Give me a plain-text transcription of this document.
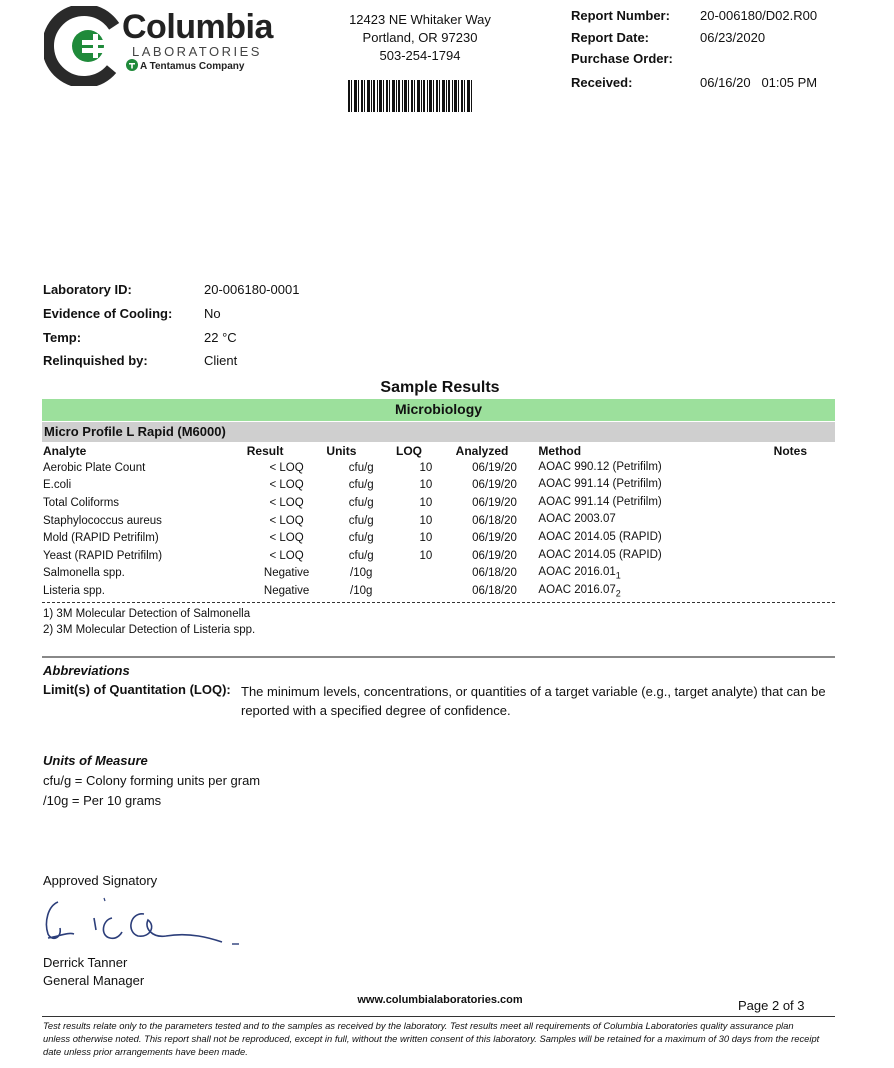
Columbia
LABORATORIES
A Tentamus Company
12423 NE Whitaker Way
Portland, OR 97230
503-254-1794
Report Number: 20-006180/D02.R00
Report Date:	06/23/2020
Purchase Order:
Received:	06/16/20   01:05 PM
Laboratory ID:	20-006180-0001
Evidence of Cooling: No
Temp:	22 °C
Relinquished by:	Client
Sample Results
Microbiology
Micro Profile L Rapid (M6000)
Analyte	Result	Units	LOQ	Analyzed	Method	Notes
Aerobic Plate Count	< LOQ	cfu/g	10	06/19/20	AOAC 990.12 (Petrifilm)	
E.coli	< LOQ	cfu/g	10	06/19/20	AOAC 991.14 (Petrifilm)	
Total Coliforms	< LOQ	cfu/g	10	06/19/20	AOAC 991.14 (Petrifilm)	
Staphylococcus aureus	< LOQ	cfu/g	10	06/18/20	AOAC 2003.07	
Mold (RAPID Petrifilm)	< LOQ	cfu/g	10	06/19/20	AOAC 2014.05 (RAPID)	
Yeast (RAPID Petrifilm)	< LOQ	cfu/g	10	06/19/20	AOAC 2014.05 (RAPID)	
Salmonella spp.	Negative	/10g		06/18/20	AOAC $2016.01_1$	
Listeria spp.	Negative	/10g		06/18/20	AOAC $2016.07_2$	
1) 3M Molecular Detection of Salmonella
2) 3M Molecular Detection of Listeria spp.
Abbreviations
Limit(s) of Quantitation (LOQ): The minimum levels, concentrations, or quantities of a target variable (e.g., target analyte) that can be reported with a specified degree of confidence.
Units of Measure
cfu/g = Colony forming units per gram
/10g = Per 10 grams
Approved Signatory
Derrick Tanner
General Manager
www.columbialaboratories.com	Page 2 of 3
Test results relate only to the parameters tested and to the samples as received by the laboratory. Test results meet all requirements of Columbia Laboratories quality assurance plan unless otherwise noted. This report shall not be reproduced, except in full, without the written consent of this laboratory. Samples will be retained for a maximum of 30 days from the receipt date unless prior arrangements have been made.
